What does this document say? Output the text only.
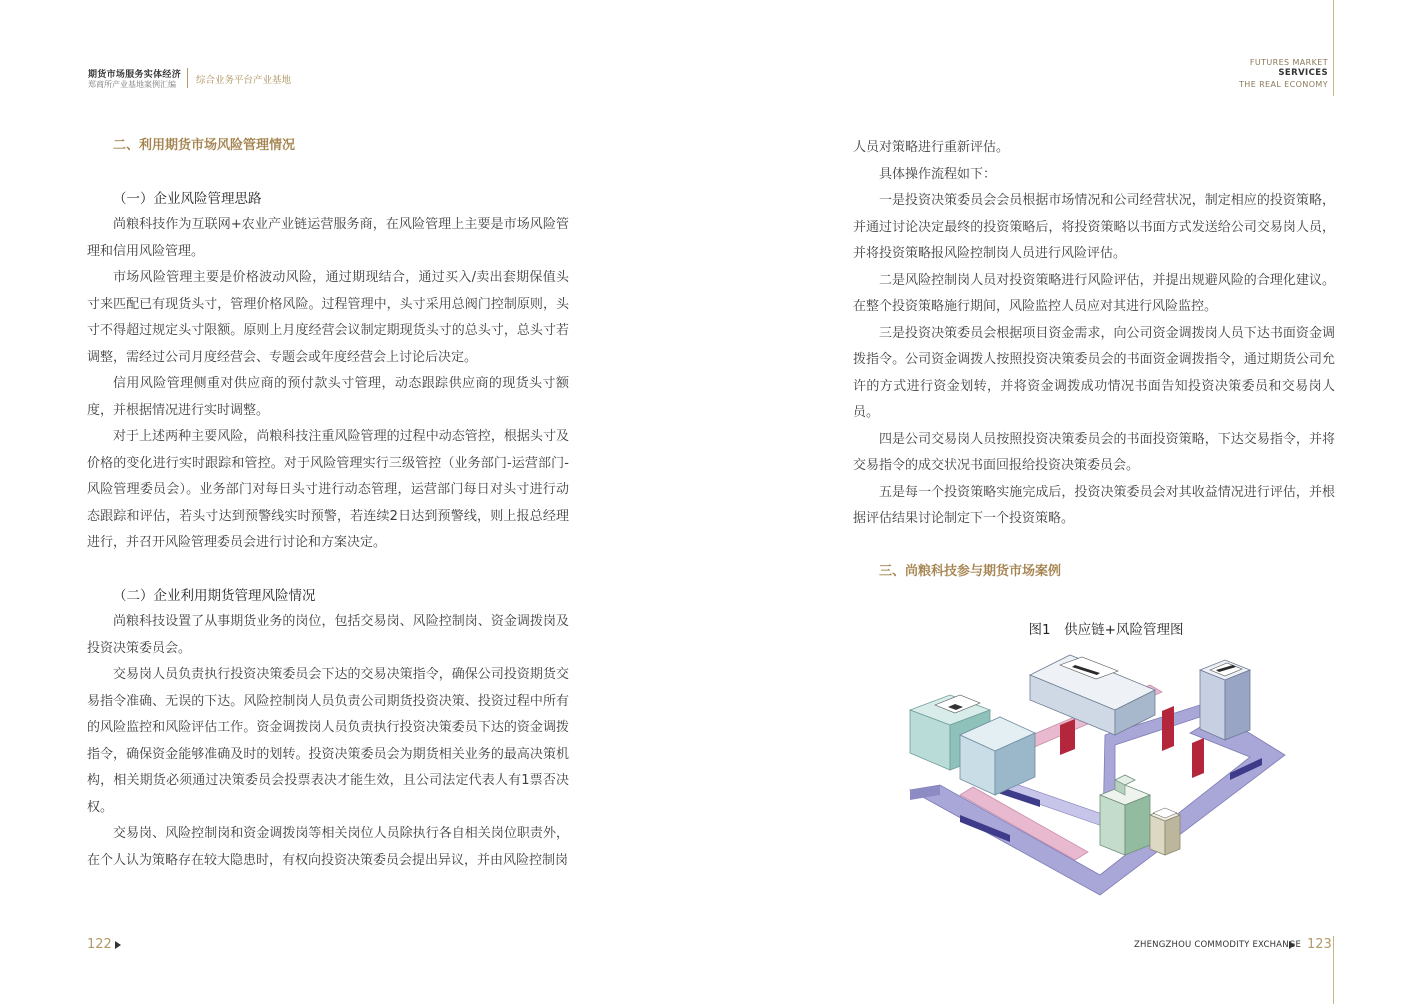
期货市场服务实体经济
郑商所产业基地案例汇编 综合业务平台产业基地
FUTURES MARKET
SERVICES
THE REAL ECONOMY

二、利用期货市场风险管理情况

（一）企业风险管理思路

尚粮科技作为互联网+农业产业链运营服务商，在风险管理上主要是市场风险管理和信用风险管理。

市场风险管理主要是价格波动风险，通过期现结合，通过买入/卖出套期保值头寸来匹配已有现货头寸，管理价格风险。过程管理中，头寸采用总阀门控制原则，头寸不得超过规定头寸限额。原则上月度经营会议制定期现货头寸的总头寸，总头寸若调整，需经过公司月度经营会、专题会或年度经营会上讨论后决定。

信用风险管理侧重对供应商的预付款头寸管理，动态跟踪供应商的现货头寸额度，并根据情况进行实时调整。

对于上述两种主要风险，尚粮科技注重风险管理的过程中动态管控，根据头寸及价格的变化进行实时跟踪和管控。对于风险管理实行三级管控（业务部门-运营部门-风险管理委员会）。业务部门对每日头寸进行动态管理，运营部门每日对头寸进行动态跟踪和评估，若头寸达到预警线实时预警，若连续2日达到预警线，则上报总经理进行，并召开风险管理委员会进行讨论和方案决定。

（二）企业利用期货管理风险情况

尚粮科技设置了从事期货业务的岗位，包括交易岗、风险控制岗、资金调拨岗及投资决策委员会。

交易岗人员负责执行投资决策委员会下达的交易决策指令，确保公司投资期货交易指令准确、无误的下达。风险控制岗人员负责公司期货投资决策、投资过程中所有的风险监控和风险评估工作。资金调拨岗人员负责执行投资决策委员下达的资金调拨指令，确保资金能够准确及时的划转。投资决策委员会为期货相关业务的最高决策机构，相关期货必须通过决策委员会投票表决才能生效，且公司法定代表人有1票否决权。

交易岗、风险控制岗和资金调拨岗等相关岗位人员除执行各自相关岗位职责外，在个人认为策略存在较大隐患时，有权向投资决策委员会提出异议，并由风险控制岗

人员对策略进行重新评估。

具体操作流程如下：

一是投资决策委员会会员根据市场情况和公司经营状况，制定相应的投资策略，并通过讨论决定最终的投资策略后，将投资策略以书面方式发送给公司交易岗人员，并将投资策略报风险控制岗人员进行风险评估。

二是风险控制岗人员对投资策略进行风险评估，并提出规避风险的合理化建议。在整个投资策略施行期间，风险监控人员应对其进行风险监控。

三是投资决策委员会根据项目资金需求，向公司资金调拨岗人员下达书面资金调拨指令。公司资金调拨人按照投资决策委员会的书面资金调拨指令，通过期货公司允许的方式进行资金划转，并将资金调拨成功情况书面告知投资决策委员和交易岗人员。

四是公司交易岗人员按照投资决策委员会的书面投资策略，下达交易指令，并将交易指令的成交状况书面回报给投资决策委员会。

五是每一个投资策略实施完成后，投资决策委员会对其收益情况进行评估，并根据评估结果讨论制定下一个投资策略。

三、尚粮科技参与期货市场案例

图1　供应链+风险管理图
122	ZHENGZHOU COMMODITY EXCHANGE 123
